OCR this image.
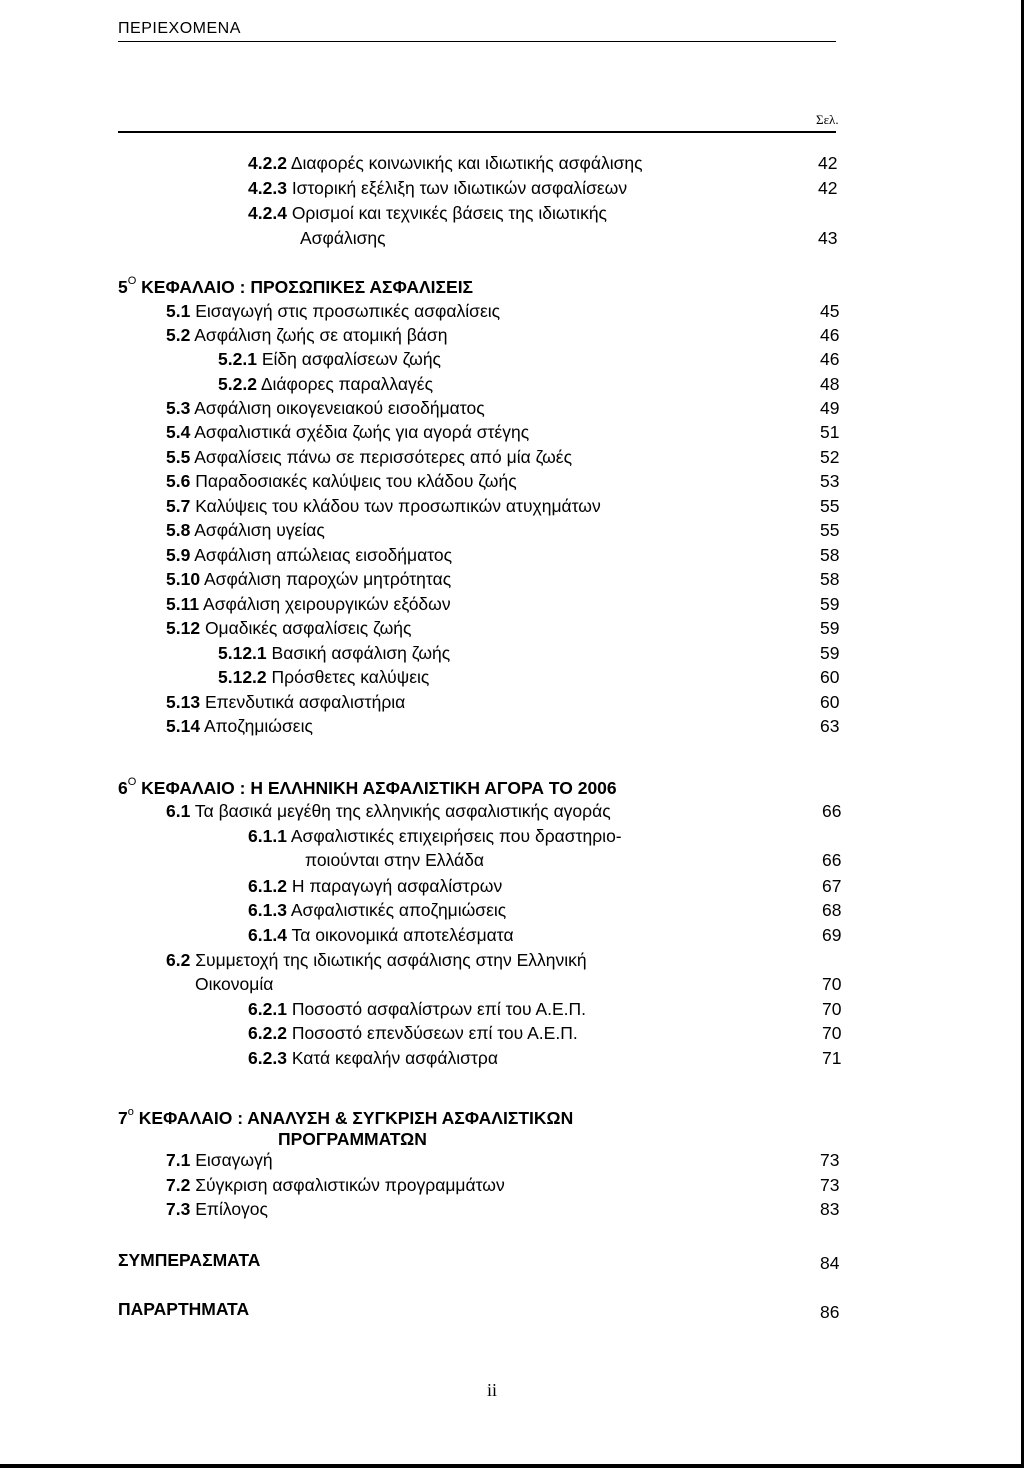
ΠΕΡΙΕΧΟΜΕΝΑ
Σελ.
4.2.2 Διαφορές κοινωνικής και ιδιωτικής ασφάλισης	42
4.2.3 Ιστορική εξέλιξη των ιδιωτικών ασφαλίσεων	42
4.2.4 Ορισμοί και τεχνικές βάσεις της ιδιωτικής
Ασφάλισης	43
5.1 Εισαγωγή στις προσωπικές ασφαλίσεις	45
5.2 Ασφάλιση ζωής σε ατομική βάση	46
5.2.1 Είδη ασφαλίσεων ζωής	46
5.2.2 Διάφορες παραλλαγές	48
5.3 Ασφάλιση οικογενειακού εισοδήματος	49
5.4 Ασφαλιστικά σχέδια ζωής για αγορά στέγης	51
5.5 Ασφαλίσεις πάνω σε περισσότερες από μία ζωές	52
5.6 Παραδοσιακές καλύψεις του κλάδου ζωής	53
5.7 Καλύψεις του κλάδου των προσωπικών ατυχημάτων	55
5.8 Ασφάλιση υγείας	55
5.9 Ασφάλιση απώλειας εισοδήματος	58
5.10 Ασφάλιση παροχών μητρότητας	58
5.11 Ασφάλιση χειρουργικών εξόδων	59
5.12 Ομαδικές ασφαλίσεις ζωής	59
5.12.1 Βασική ασφάλιση ζωής	59
5.12.2 Πρόσθετες καλύψεις	60
5.13 Επενδυτικά ασφαλιστήρια	60
5.14 Αποζημιώσεις	63
6.1 Τα βασικά μεγέθη της ελληνικής ασφαλιστικής αγοράς	66
6.1.1 Ασφαλιστικές επιχειρήσεις που δραστηριο-
ποιούνται στην Ελλάδα	66
6.1.2 Η παραγωγή ασφαλίστρων	67
6.1.3 Ασφαλιστικές αποζημιώσεις	68
6.1.4 Τα οικονομικά αποτελέσματα	69
6.2 Συμμετοχή της ιδιωτικής ασφάλισης στην Ελληνική
Οικονομία	70
6.2.1 Ποσοστό ασφαλίστρων επί του Α.Ε.Π.	70
6.2.2 Ποσοστό επενδύσεων επί του Α.Ε.Π.	70
6.2.3 Κατά κεφαλήν ασφάλιστρα	71
7.1 Εισαγωγή	73
7.2 Σύγκριση ασφαλιστικών προγραμμάτων	73
7.3 Επίλογος	83
$5^O$ ΚΕΦΑΛΑΙΟ : ΠΡΟΣΩΠΙΚΕΣ ΑΣΦΑΛΙΣΕΙΣ
$6^O$ ΚΕΦΑΛΑΙΟ : Η ΕΛΛΗΝΙΚΗ ΑΣΦΑΛΙΣΤΙΚΗ ΑΓΟΡΑ ΤΟ 2006
$7^o$ ΚΕΦΑΛΑΙΟ : ΑΝΑΛΥΣΗ & ΣΥΓΚΡΙΣΗ ΑΣΦΑΛΙΣΤΙΚΩΝ
ΠΡΟΓΡΑΜΜΑΤΩΝ
ΣΥΜΠΕΡΑΣΜΑΤΑ	84
ΠΑΡΑΡΤΗΜΑΤΑ	86
ii
